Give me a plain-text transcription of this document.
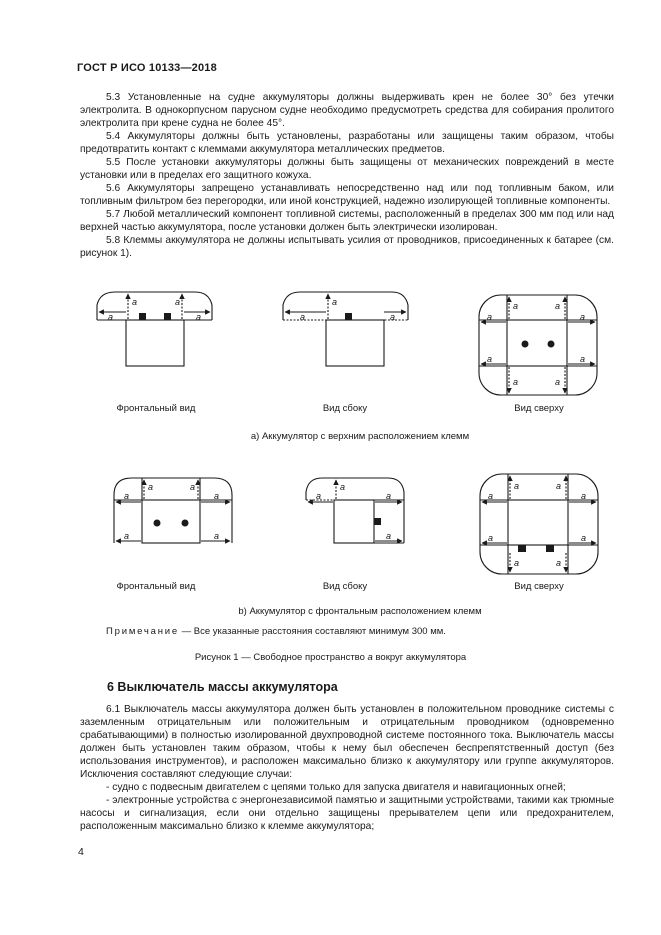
ГОСТ Р ИСО 10133—2018

5.3 Установленные на судне аккумуляторы должны выдерживать крен не более 30° без утечки электролита. В однокорпусном парусном судне необходимо предусмотреть средства для собирания пролитого электролита при крене судна не более 45°.

5.4 Аккумуляторы должны быть установлены, разработаны или защищены таким образом, чтобы предотвратить контакт с клеммами аккумулятора металлических предметов.

5.5 После установки аккумуляторы должны быть защищены от механических повреждений в месте установки или в пределах его защитного кожуха.

5.6 Аккумуляторы запрещено устанавливать непосредственно над или под топливным баком, или топливным фильтром без перегородки, или иной конструкцией, надежно изолирующей топливные компоненты.

5.7 Любой металлический компонент топливной системы, расположенный в пределах 300 мм под или над верхней частью аккумулятора, после установки должен быть электрически изолирован.

5.8 Клеммы аккумулятора не должны испытывать усилия от проводников, присоединенных к батарее (см. рисунок 1).

a	a
a	a
a
a	a
a	a
a	a
a	a
a	a
a	a
a	a
a	a
a
a	a
a
a	a
a	a
a	a
a	a
Фронтальный вид	Вид сбоку	Вид сверху
a) Аккумулятор с верхним расположением клемм
Фронтальный вид	Вид сбоку	Вид сверху
b) Аккумулятор с фронтальным расположением клемм
Примечание — Все указанные расстояния составляют минимум 300 мм.
Рисунок 1 — Свободное пространство a вокруг аккумулятора
6 Выключатель массы аккумулятора

6.1 Выключатель массы аккумулятора должен быть установлен в положительном проводнике системы с заземленным отрицательным или положительным и отрицательным проводником (одновременно срабатывающими) в полностью изолированной двухпроводной системе постоянного тока. Выключатель массы должен быть установлен таким образом, чтобы к нему был обеспечен беспрепятственный доступ (без использования инструментов), и расположен максимально близко к аккумулятору или группе аккумуляторов. Исключения составляют следующие случаи:

- судно с подвесным двигателем с цепями только для запуска двигателя и навигационных огней;

- электронные устройства с энергонезависимой памятью и защитными устройствами, такими как трюмные насосы и сигнализация, если они отдельно защищены прерывателем цепи или предохранителем, расположенным максимально близко к клемме аккумулятора;

4
